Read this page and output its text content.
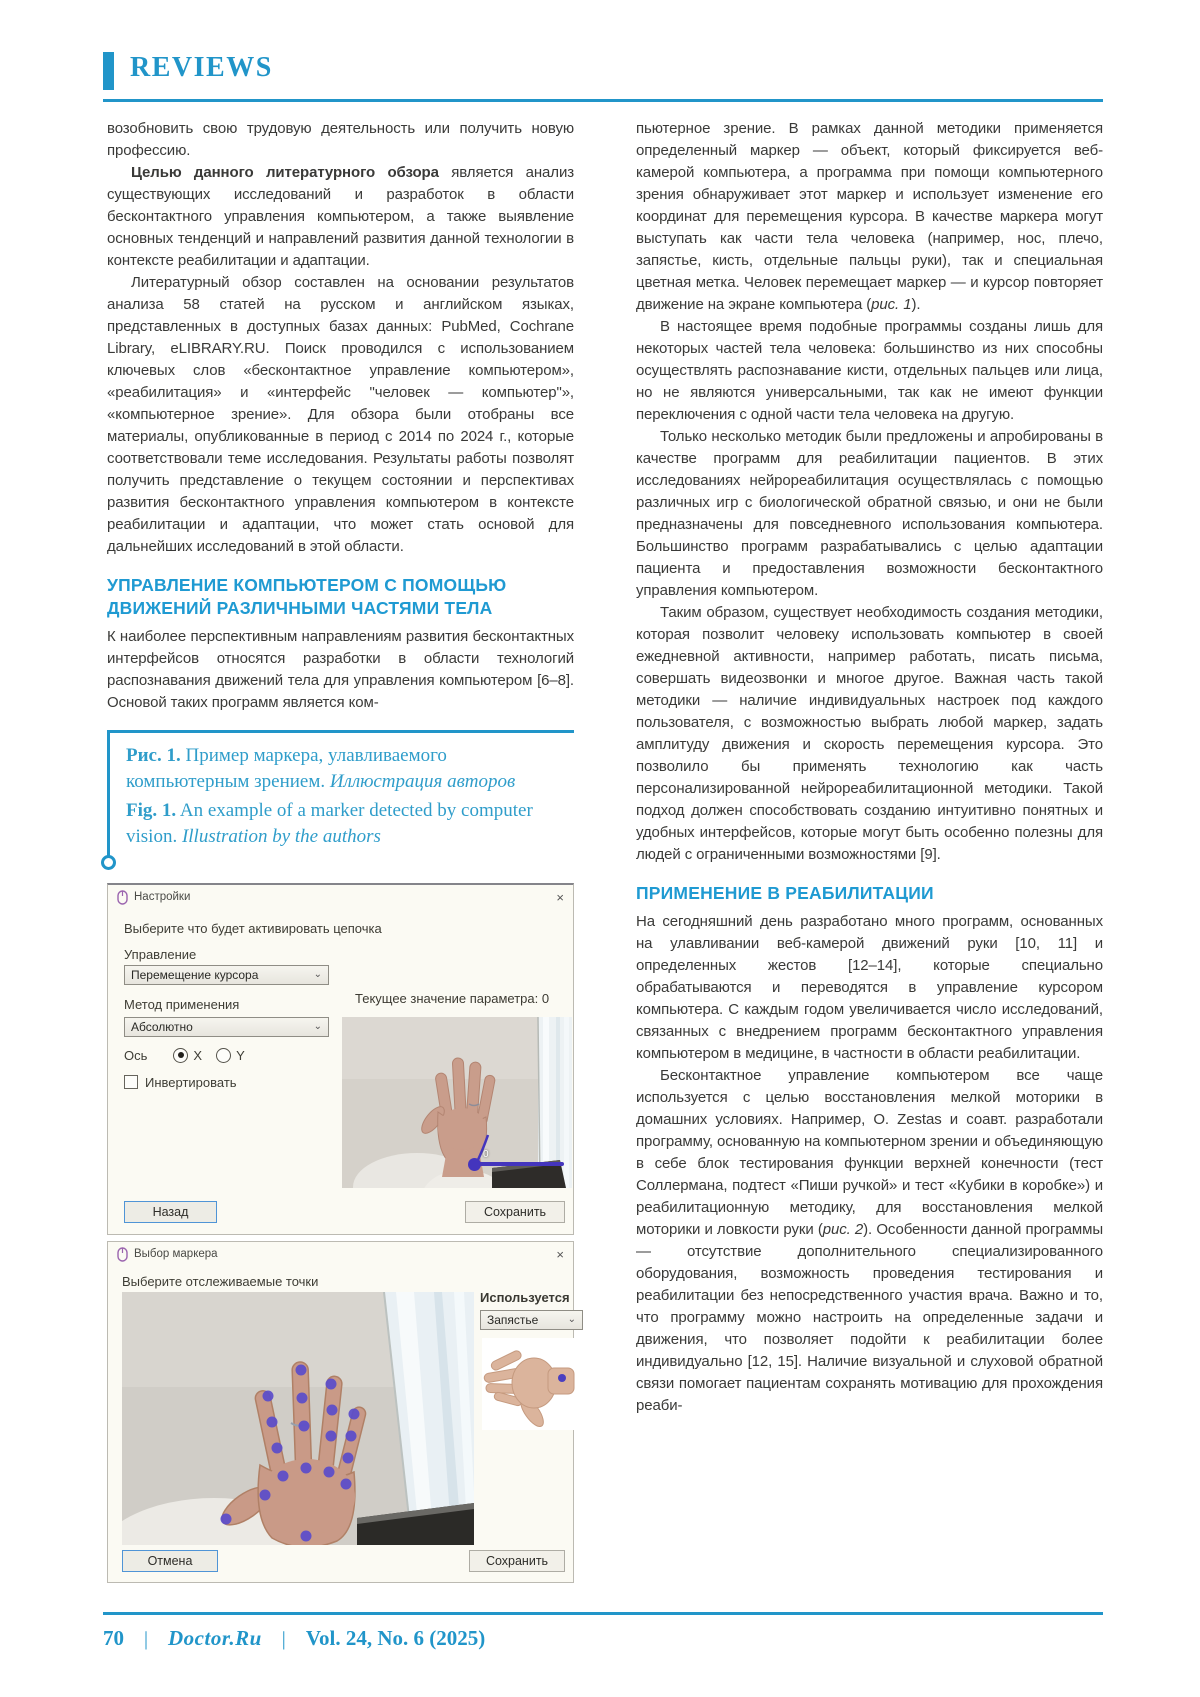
REVIEWS

возобновить свою трудовую деятельность или получить новую профессию.

Целью данного литературного обзора является анализ существующих исследований и разработок в области бесконтактного управления компьютером, а также выявление основных тенденций и направлений развития данной технологии в контексте реабилитации и адаптации.

Литературный обзор составлен на основании результатов анализа 58 статей на русском и английском языках, представленных в доступных базах данных: PubMed, Cochrane Library, eLIBRARY.RU. Поиск проводился с использованием ключевых слов «бесконтактное управление компьютером», «реабилитация» и «интерфейс "человек — компьютер"», «компьютерное зрение». Для обзора были отобраны все материалы, опубликованные в период с 2014 по 2024 г., которые соответствовали теме исследования. Результаты работы позволят получить представление о текущем состоянии и перспективах развития бесконтактного управления компьютером в контексте реабилитации и адаптации, что может стать основой для дальнейших исследований в этой области.

УПРАВЛЕНИЕ КОМПЬЮТЕРОМ С ПОМОЩЬЮ ДВИЖЕНИЙ РАЗЛИЧНЫМИ ЧАСТЯМИ ТЕЛА

К наиболее перспективным направлениям развития бесконтактных интерфейсов относятся разработки в области технологий распознавания движений тела для управления компьютером [6–8]. Основой таких программ является ком-

Рис. 1. Пример маркера, улавливаемого компьютерным зрением. Иллюстрация авторов

Fig. 1. An example of a marker detected by computer vision. Illustration by the authors

Настройки	×
Выберите что будет активировать цепочка
Управление
Перемещение курсора	⌄
Метод применения
Абсолютно	⌄
Ось	X	Y
Инвертировать
Текущее значение параметра: 0
0
Назад	Сохранить
Выбор маркера	×
Выберите отслеживаемые точки
Используется
Запястье	⌄
Отмена	Сохранить

пьютерное зрение. В рамках данной методики применяется определенный маркер — объект, который фиксируется веб-камерой компьютера, а программа при помощи компьютерного зрения обнаруживает этот маркер и использует изменение его координат для перемещения курсора. В качестве маркера могут выступать как части тела человека (например, нос, плечо, запястье, кисть, отдельные пальцы руки), так и специальная цветная метка. Человек перемещает маркер — и курсор повторяет движение на экране компьютера (рис. 1).

В настоящее время подобные программы созданы лишь для некоторых частей тела человека: большинство из них способны осуществлять распознавание кисти, отдельных пальцев или лица, но не являются универсальными, так как не имеют функции переключения с одной части тела человека на другую.

Только несколько методик были предложены и апробированы в качестве программ для реабилитации пациентов. В этих исследованиях нейрореабилитация осуществлялась с помощью различных игр с биологической обратной связью, и они не были предназначены для повседневного использования компьютера. Большинство программ разрабатывались с целью адаптации пациента и предоставления возможности бесконтактного управления компьютером.

Таким образом, существует необходимость создания методики, которая позволит человеку использовать компьютер в своей ежедневной активности, например работать, писать письма, совершать видеозвонки и многое другое. Важная часть такой методики — наличие индивидуальных настроек под каждого пользователя, с возможностью выбрать любой маркер, задать амплитуду движения и скорость перемещения курсора. Это позволило бы применять технологию как часть персонализированной нейрореабилитационной методики. Такой подход должен способствовать созданию интуитивно понятных и удобных интерфейсов, которые могут быть особенно полезны для людей с ограниченными возможностями [9].

ПРИМЕНЕНИЕ В РЕАБИЛИТАЦИИ

На сегодняшний день разработано много программ, основанных на улавливании веб-камерой движений руки [10, 11] и определенных жестов [12–14], которые специально обрабатываются и переводятся в управление курсором компьютера. С каждым годом увеличивается число исследований, связанных с внедрением программ бесконтактного управления компьютером в медицине, в частности в области реабилитации.

Бесконтактное управление компьютером все чаще используется с целью восстановления мелкой моторики в домашних условиях. Например, O. Zestas и соавт. разработали программу, основанную на компьютерном зрении и объединяющую в себе блок тестирования функции верхней конечности (тест Соллермана, подтест «Пиши ручкой» и тест «Кубики в коробке») и реабилитационную методику, для восстановления мелкой моторики и ловкости руки (рис. 2). Особенности данной программы — отсутствие дополнительного специализированного оборудования, возможность проведения тестирования и реабилитации без непосредственного участия врача. Важно и то, что программу можно настроить на определенные задачи и движения, что позволяет подойти к реабилитации более индивидуально [12, 15]. Наличие визуальной и слуховой обратной связи помогает пациентам сохранять мотивацию для прохождения реаби-

70 | Doctor.Ru | Vol. 24, No. 6 (2025)
